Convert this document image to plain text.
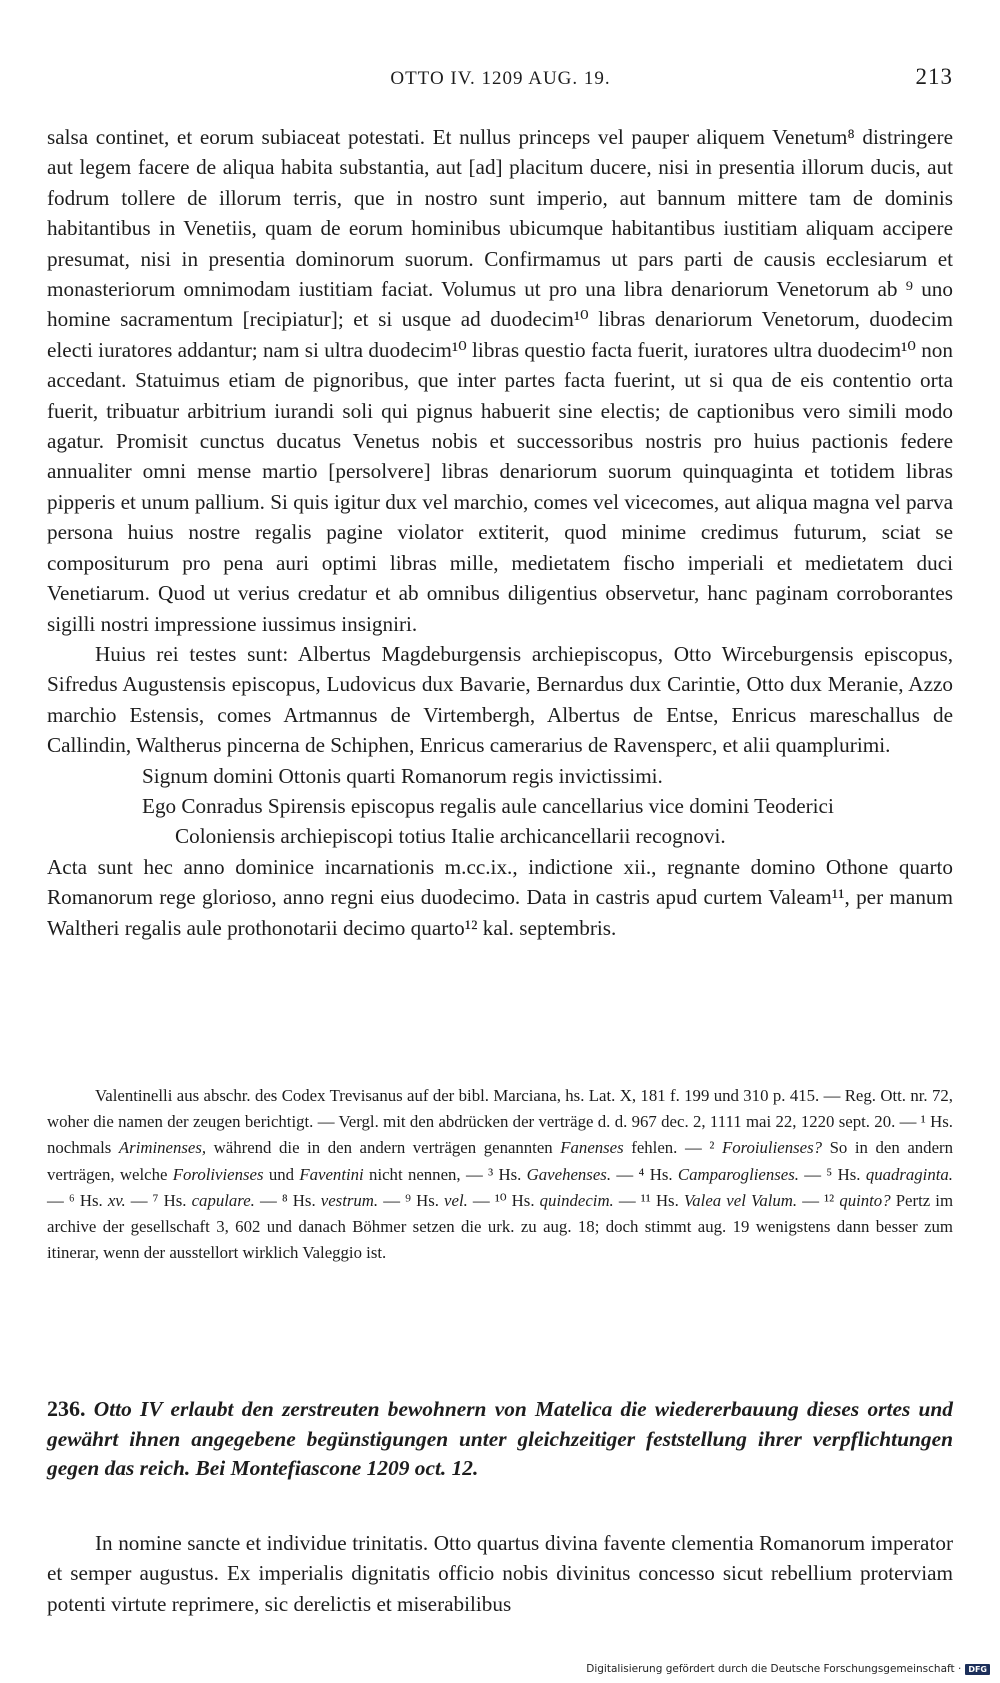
OTTO IV. 1209 AUG. 19.	213

salsa continet, et eorum subiaceat potestati. Et nullus princeps vel pauper aliquem Venetum⁸ distringere aut legem facere de aliqua habita substantia, aut [ad] placitum ducere, nisi in presentia illorum ducis, aut fodrum tollere de illorum terris, que in nostro sunt imperio, aut bannum mittere tam de dominis habitantibus in Venetiis, quam de eorum hominibus ubicumque habitantibus iustitiam aliquam accipere presumat, nisi in presentia dominorum suorum. Confirmamus ut pars parti de causis ecclesiarum et monasteriorum omnimodam iustitiam faciat. Volumus ut pro una libra denariorum Venetorum ab ⁹ uno homine sacramentum [recipiatur]; et si usque ad duodecim¹⁰ libras denariorum Venetorum, duodecim electi iuratores addantur; nam si ultra duodecim¹⁰ libras questio facta fuerit, iuratores ultra duodecim¹⁰ non accedant. Statuimus etiam de pignoribus, que inter partes facta fuerint, ut si qua de eis contentio orta fuerit, tribuatur arbitrium iurandi soli qui pignus habuerit sine electis; de captionibus vero simili modo agatur. Promisit cunctus ducatus Venetus nobis et successoribus nostris pro huius pactionis federe annualiter omni mense martio [persolvere] libras denariorum suorum quinquaginta et totidem libras pipperis et unum pallium. Si quis igitur dux vel marchio, comes vel vicecomes, aut aliqua magna vel parva persona huius nostre regalis pagine violator extiterit, quod minime credimus futurum, sciat se compositurum pro pena auri optimi libras mille, medietatem fischo imperiali et medietatem duci Venetiarum. Quod ut verius credatur et ab omnibus diligentius observetur, hanc paginam corroborantes sigilli nostri impressione iussimus insigniri.

Huius rei testes sunt: Albertus Magdeburgensis archiepiscopus, Otto Wirceburgensis episcopus, Sifredus Augustensis episcopus, Ludovicus dux Bavarie, Bernardus dux Carintie, Otto dux Meranie, Azzo marchio Estensis, comes Artmannus de Virtembergh, Albertus de Entse, Enricus mareschallus de Callindin, Waltherus pincerna de Schiphen, Enricus camerarius de Ravensperc, et alii quamplurimi.

Signum domini Ottonis quarti Romanorum regis invictissimi.

Ego Conradus Spirensis episcopus regalis aule cancellarius vice domini Teoderici

Coloniensis archiepiscopi totius Italie archicancellarii recognovi.

Acta sunt hec anno dominice incarnationis m.cc.ix., indictione xii., regnante domino Othone quarto Romanorum rege glorioso, anno regni eius duodecimo. Data in castris apud curtem Valeam¹¹, per manum Waltheri regalis aule prothonotarii decimo quarto¹² kal. septembris.

Valentinelli aus abschr. des Codex Trevisanus auf der bibl. Marciana, hs. Lat. X, 181 f. 199 und 310 p. 415. — Reg. Ott. nr. 72, woher die namen der zeugen berichtigt. — Vergl. mit den abdrücken der verträge d. d. 967 dec. 2, 1111 mai 22, 1220 sept. 20. — ¹ Hs. nochmals Ariminenses, während die in den andern verträgen genannten Fanenses fehlen. — ² Foroiulienses? So in den andern verträgen, welche Forolivienses und Faventini nicht nennen, — ³ Hs. Gavehenses. — ⁴ Hs. Camparoglienses. — ⁵ Hs. quadraginta. — ⁶ Hs. xv. — ⁷ Hs. capulare. — ⁸ Hs. vestrum. — ⁹ Hs. vel. — ¹⁰ Hs. quindecim. — ¹¹ Hs. Valea vel Valum. — ¹² quinto? Pertz im archive der gesellschaft 3, 602 und danach Böhmer setzen die urk. zu aug. 18; doch stimmt aug. 19 wenigstens dann besser zum itinerar, wenn der ausstellort wirklich Valeggio ist.

236. Otto IV erlaubt den zerstreuten bewohnern von Matelica die wiedererbauung dieses ortes und gewährt ihnen angegebene begünstigungen unter gleichzeitiger feststellung ihrer verpflichtungen gegen das reich. Bei Montefiascone 1209 oct. 12.

In nomine sancte et individue trinitatis. Otto quartus divina favente clementia Romanorum imperator et semper augustus. Ex imperialis dignitatis officio nobis divinitus concesso sicut rebellium proterviam potenti virtute reprimere, sic derelictis et miserabilibus

Digitalisierung gefördert durch die Deutsche Forschungsgemeinschaft · DFG
